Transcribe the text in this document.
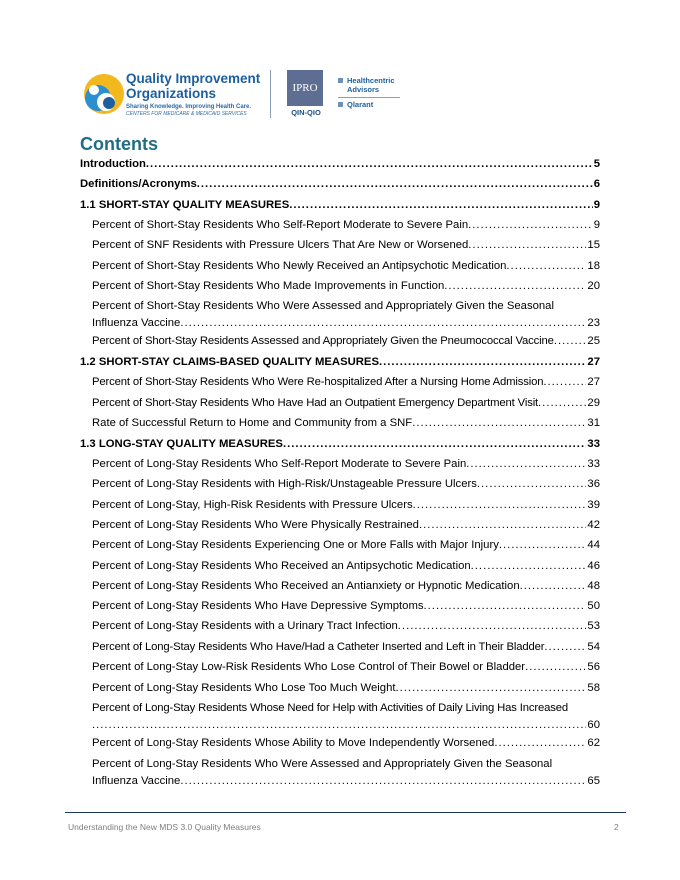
Quality Improvement Organizations
Sharing Knowledge. Improving Health Care.
CENTERS FOR MEDICARE & MEDICAID SERVICES
IPRO
QIN-QIO
Healthcentric
Advisors
Qlarant
Contents
Introduction .....	5
Definitions/Acronyms .....	6
1.1 SHORT-STAY QUALITY MEASURES .....	9
Percent of Short-Stay Residents Who Self-Report Moderate to Severe Pain .....	9
Percent of SNF Residents with Pressure Ulcers That Are New or Worsened .....	15
Percent of Short-Stay Residents Who Newly Received an Antipsychotic Medication .....	18
Percent of Short-Stay Residents Who Made Improvements in Function .....	20
Percent of Short-Stay Residents Who Were Assessed and Appropriately Given the Seasonal
Influenza Vaccine .....	23
Percent of Short-Stay Residents Assessed and Appropriately Given the Pneumococcal Vaccine .....	25
1.2 SHORT-STAY CLAIMS-BASED QUALITY MEASURES .....	27
Percent of Short-Stay Residents Who Were Re-hospitalized After a Nursing Home Admission .....	27
Percent of Short-Stay Residents Who Have Had an Outpatient Emergency Department Visit .....	29
Rate of Successful Return to Home and Community from a SNF .....	31
1.3 LONG-STAY QUALITY MEASURES .....	33
Percent of Long-Stay Residents Who Self-Report Moderate to Severe Pain .....	33
Percent of Long-Stay Residents with High-Risk/Unstageable Pressure Ulcers .....	36
Percent of Long-Stay, High-Risk Residents with Pressure Ulcers .....	39
Percent of Long-Stay Residents Who Were Physically Restrained .....	42
Percent of Long-Stay Residents Experiencing One or More Falls with Major Injury .....	44
Percent of Long-Stay Residents Who Received an Antipsychotic Medication .....	46
Percent of Long-Stay Residents Who Received an Antianxiety or Hypnotic Medication .....	48
Percent of Long-Stay Residents Who Have Depressive Symptoms .....	50
Percent of Long-Stay Residents with a Urinary Tract Infection .....	53
Percent of Long-Stay Residents Who Have/Had a Catheter Inserted and Left in Their Bladder .....	54
Percent of Long-Stay Low-Risk Residents Who Lose Control of Their Bowel or Bladder .....	56
Percent of Long-Stay Residents Who Lose Too Much Weight .....	58
Percent of Long-Stay Residents Whose Need for Help with Activities of Daily Living Has Increased
.....
60
Percent of Long-Stay Residents Whose Ability to Move Independently Worsened .....	62
Percent of Long-Stay Residents Who Were Assessed and Appropriately Given the Seasonal
Influenza Vaccine .....	65
Understanding the New MDS 3.0 Quality Measures	2
